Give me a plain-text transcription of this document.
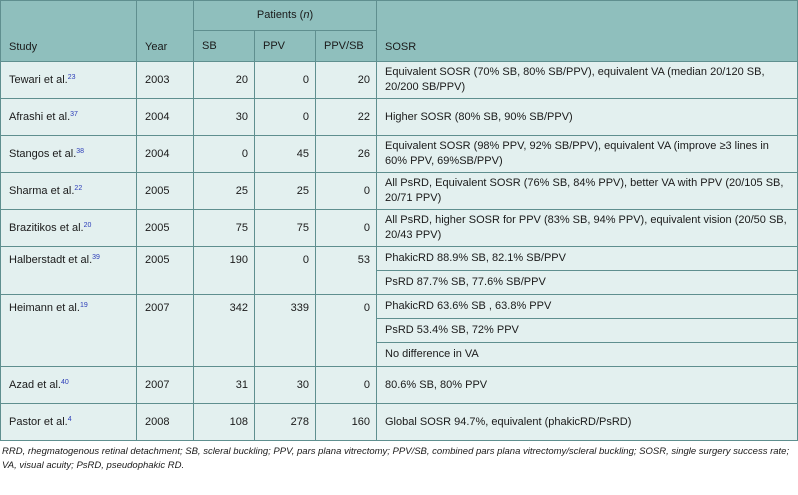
Study	Year	Patients (n)			SOSR
		SB	PPV	PPV/SB	
Tewari et al.$^{23}$	2003	20	0	20	Equivalent SOSR (70% SB, 80% SB/PPV), equivalent VA (median 20/120 SB, 20/200 SB/PPV)
Afrashi et al.$^{37}$	2004	30	0	22	Higher SOSR (80% SB, 90% SB/PPV)
Stangos et al.$^{38}$	2004	0	45	26	Equivalent SOSR (98% PPV, 92% SB/PPV), equivalent VA (improve ≥3 lines in 60% PPV, 69%SB/PPV)
Sharma et al.$^{22}$	2005	25	25	0	All PsRD, Equivalent SOSR (76% SB, 84% PPV), better VA with PPV (20/105 SB, 20/71 PPV)
Brazitikos et al.$^{20}$	2005	75	75	0	All PsRD, higher SOSR for PPV (83% SB, 94% PPV), equivalent vision (20/50 SB, 20/43 PPV)
Halberstadt et al.$^{39}$	2005	190	0	53	PhakicRD 88.9% SB, 82.1% SB/PPV
					PsRD 87.7% SB, 77.6% SB/PPV
Heimann et al.$^{19}$	2007	342	339	0	PhakicRD 63.6% SB , 63.8% PPV
					PsRD 53.4% SB, 72% PPV
					No difference in VA
Azad et al.$^{40}$	2007	31	30	0	80.6% SB, 80% PPV
Pastor et al.$^4$	2008	108	278	160	Global SOSR 94.7%, equivalent (phakicRD/PsRD)
RRD, rhegmatogenous retinal detachment; SB, scleral buckling; PPV, pars plana vitrectomy; PPV/SB, combined pars plana vitrectomy/scleral buckling; SOSR, single surgery success rate; VA, visual acuity; PsRD, pseudophakic RD.
